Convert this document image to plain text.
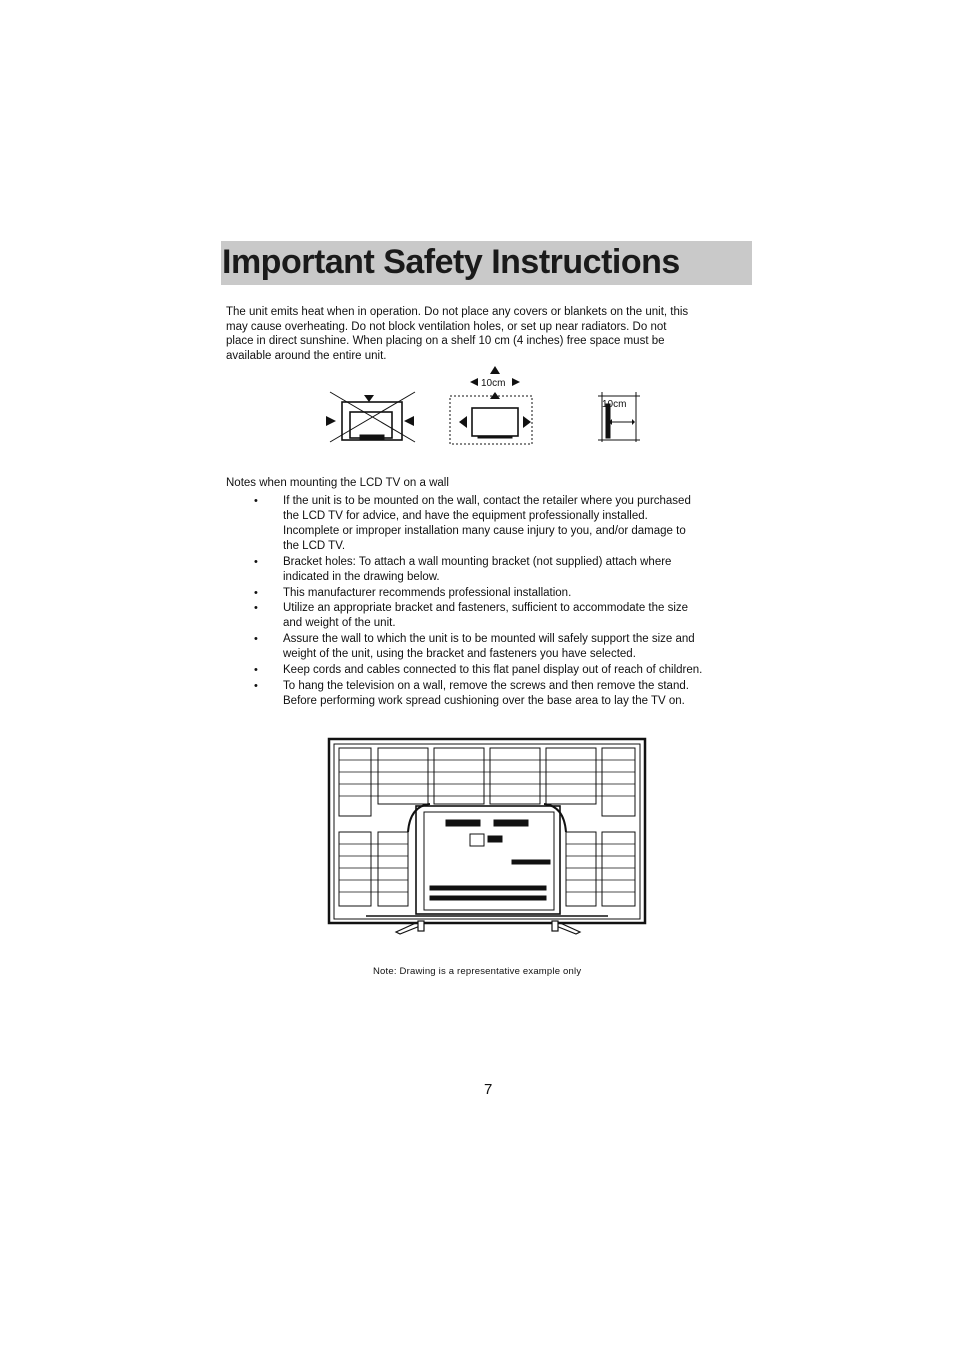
Important Safety Instructions
The unit emits heat when in operation. Do not place any covers or blankets on the unit, this
may cause overheating. Do not block ventilation holes, or set up near radiators. Do not
place in direct sunshine. When placing on a shelf 10 cm (4 inches) free space must be
available around the entire unit.
10cm
10cm
Notes when mounting the LCD TV on a wall
• If the unit is to be mounted on the wall, contact the retailer where you purchased
the LCD TV for advice, and have the equipment professionally installed.
Incomplete or improper installation many cause injury to you, and/or damage to
the LCD TV.
• Bracket holes: To attach a wall mounting bracket (not supplied) attach where
indicated in the drawing below.
• This manufacturer recommends professional installation.
• Utilize an appropriate bracket and fasteners, sufficient to accommodate the size
and weight of the unit.
• Assure the wall to which the unit is to be mounted will safely support the size and
weight of the unit, using the bracket and fasteners you have selected.
• Keep cords and cables connected to this flat panel display out of reach of children.
• To hang the television on a wall, remove the screws and then remove the stand.
Before performing work spread cushioning over the base area to lay the TV on.
Note: Drawing is a representative example only
7
